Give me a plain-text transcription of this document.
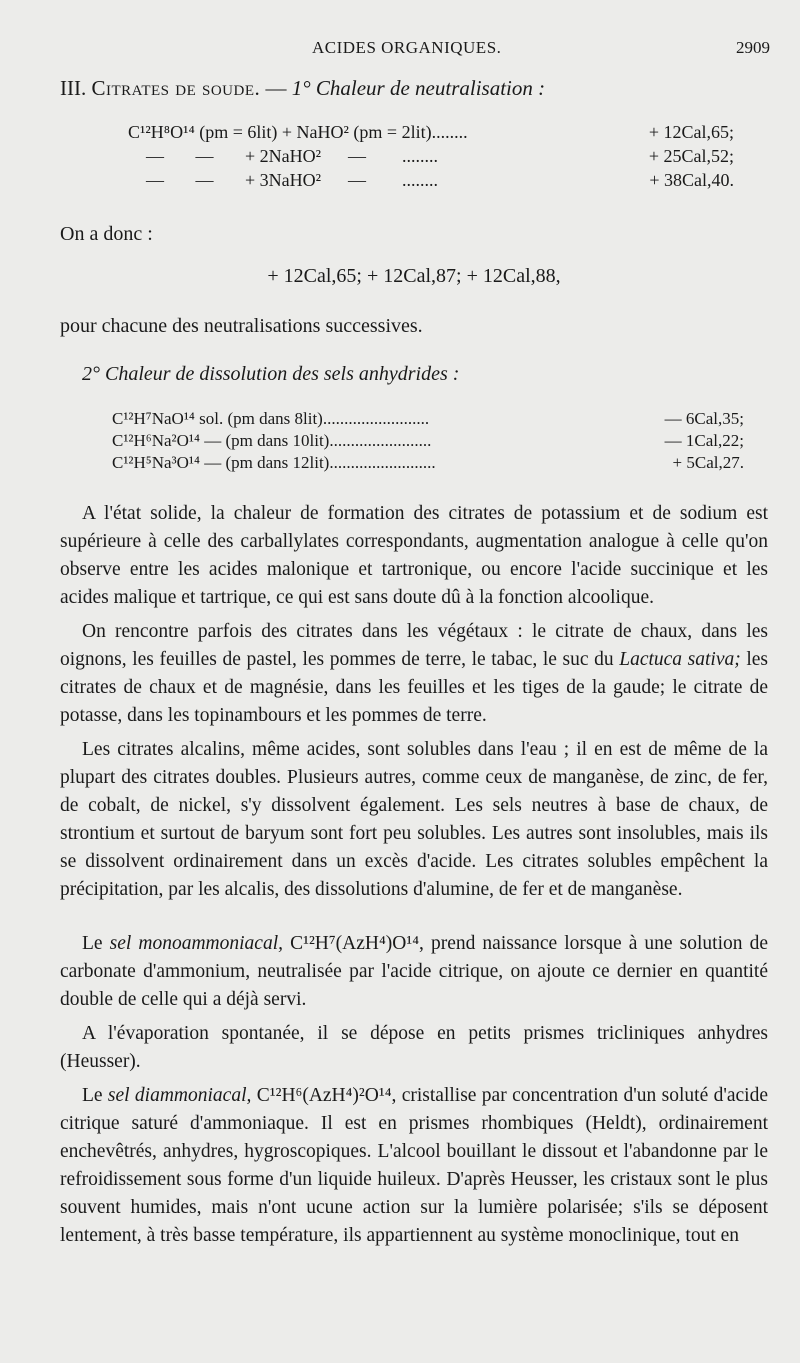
ACIDES ORGANIQUES.	2909
III. Citrates de soude. — 1° Chaleur de neutralisation :
C¹²H⁸O¹⁴ (pm = 6lit) + NaHO² (pm = 2lit)........	+ 12Cal,65;
—       —       + 2NaHO²      —        ........	+ 25Cal,52;
—       —       + 3NaHO²      —        ........	+ 38Cal,40.

On a donc :

+ 12Cal,65; + 12Cal,87; + 12Cal,88,

pour chacune des neutralisations successives.

2° Chaleur de dissolution des sels anhydrides :

C¹²H⁷NaO¹⁴ sol. (pm dans 8lit).........................	— 6Cal,35;
C¹²H⁶Na²O¹⁴ — (pm dans 10lit)........................	— 1Cal,22;
C¹²H⁵Na³O¹⁴ — (pm dans 12lit).........................	+ 5Cal,27.

A l'état solide, la chaleur de formation des citrates de potassium et de sodium est supérieure à celle des carballylates correspondants, augmentation analogue à celle qu'on observe entre les acides malonique et tartronique, ou encore l'acide succinique et les acides malique et tartrique, ce qui est sans doute dû à la fonction alcoolique.

On rencontre parfois des citrates dans les végétaux : le citrate de chaux, dans les oignons, les feuilles de pastel, les pommes de terre, le tabac, le suc du Lactuca sativa; les citrates de chaux et de magnésie, dans les feuilles et les tiges de la gaude; le citrate de potasse, dans les topinambours et les pommes de terre.

Les citrates alcalins, même acides, sont solubles dans l'eau ; il en est de même de la plupart des citrates doubles. Plusieurs autres, comme ceux de manganèse, de zinc, de fer, de cobalt, de nickel, s'y dissolvent également. Les sels neutres à base de chaux, de strontium et surtout de baryum sont fort peu solubles. Les autres sont insolubles, mais ils se dissolvent ordinairement dans un excès d'acide. Les citrates solubles empêchent la précipitation, par les alcalis, des dissolutions d'alumine, de fer et de manganèse.

Le sel monoammoniacal, C¹²H⁷(AzH⁴)O¹⁴, prend naissance lorsque à une solution de carbonate d'ammonium, neutralisée par l'acide citrique, on ajoute ce dernier en quantité double de celle qui a déjà servi.

A l'évaporation spontanée, il se dépose en petits prismes tricliniques anhydres (Heusser).

Le sel diammoniacal, C¹²H⁶(AzH⁴)²O¹⁴, cristallise par concentration d'un soluté d'acide citrique saturé d'ammoniaque. Il est en prismes rhombiques (Heldt), ordinairement enchevêtrés, anhydres, hygroscopiques. L'alcool bouillant le dissout et l'abandonne par le refroidissement sous forme d'un liquide huileux. D'après Heusser, les cristaux sont le plus souvent humides, mais n'ont ucune action sur la lumière polarisée; s'ils se déposent lentement, à très basse température, ils appartiennent au système monoclinique, tout en
